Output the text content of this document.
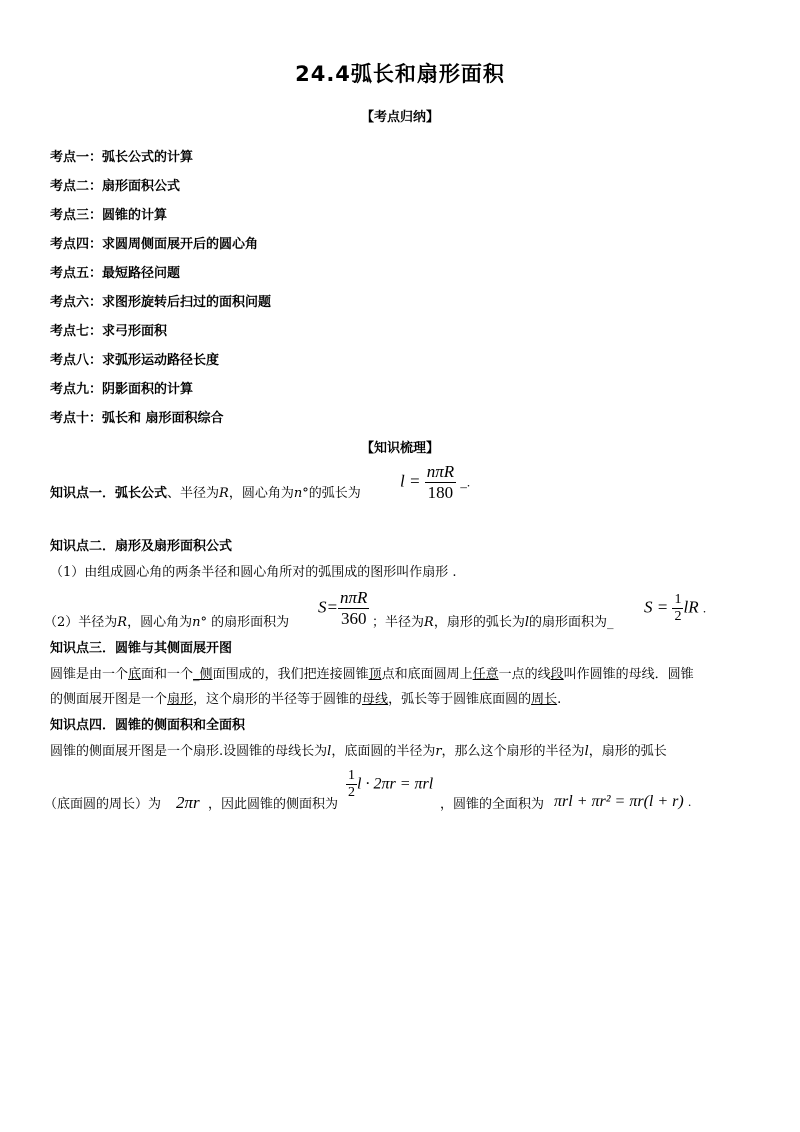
24.4弧长和扇形面积
【考点归纳】
考点一：弧长公式的计算
考点二：扇形面积公式
考点三：圆锥的计算
考点四：求圆周侧面展开后的圆心角
考点五：最短路径问题
考点六：求图形旋转后扫过的面积问题
考点七：求弓形面积
考点八：求弧形运动路径长度
考点九：阴影面积的计算
考点十：弧长和 扇形面积综合
【知识梳理】
知识点一．弧长公式、半径为R，圆心角为n°的弧长为
$l = \frac{\text{nπR}}{180}$ _.
知识点二．扇形及扇形面积公式
（1）由组成圆心角的两条半径和圆心角所对的弧围成的图形叫作扇形 .
（2）半径为R，圆心角为n° 的扇形面积为
$S= \frac{\text{nπR}}{360}$ ；半径为R，扇形的弧长为l的扇形面积为_
$S = \frac{1}{2}$ lR .
知识点三．圆锥与其侧面展开图
圆锥是由一个底面和一个_侧面围成的，我们把连接圆锥顶点和底面圆周上任意一点的线段叫作圆锥的母线．圆锥
的侧面展开图是一个扇形，这个扇形的半径等于圆锥的母线，弧长等于圆锥底面圆的周长.
知识点四．圆锥的侧面积和全面积
圆锥的侧面展开图是一个扇形.设圆锥的母线长为l，底面圆的半径为r，那么这个扇形的半径为l，扇形的弧长
（底面圆的周长）为 2πr ，因此圆锥的侧面积为
$\frac{1}{2}$ l · 2πr = πrl
，圆锥的全面积为 πrl + πr² = πr(l + r) .
